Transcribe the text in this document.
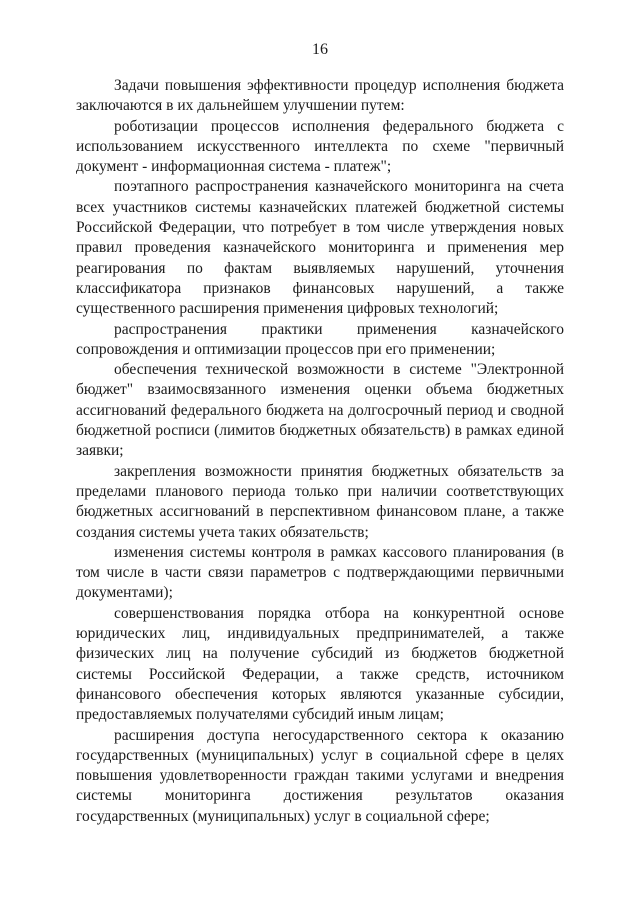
16

Задачи повышения эффективности процедур исполнения бюджета заключаются в их дальнейшем улучшении путем:

роботизации процессов исполнения федерального бюджета с использованием искусственного интеллекта по схеме "первичный документ - информационная система - платеж";

поэтапного распространения казначейского мониторинга на счета всех участников системы казначейских платежей бюджетной системы Российской Федерации, что потребует в том числе утверждения новых правил проведения казначейского мониторинга и применения мер реагирования по фактам выявляемых нарушений, уточнения классификатора признаков финансовых нарушений, а также существенного расширения применения цифровых технологий;

распространения практики применения казначейского сопровождения и оптимизации процессов при его применении;

обеспечения технической возможности в системе "Электронной бюджет" взаимосвязанного изменения оценки объема бюджетных ассигнований федерального бюджета на долгосрочный период и сводной бюджетной росписи (лимитов бюджетных обязательств) в рамках единой заявки;

закрепления возможности принятия бюджетных обязательств за пределами планового периода только при наличии соответствующих бюджетных ассигнований в перспективном финансовом плане, а также создания системы учета таких обязательств;

изменения системы контроля в рамках кассового планирования (в том числе в части связи параметров с подтверждающими первичными документами);

совершенствования порядка отбора на конкурентной основе юридических лиц, индивидуальных предпринимателей, а также физических лиц на получение субсидий из бюджетов бюджетной системы Российской Федерации, а также средств, источником финансового обеспечения которых являются указанные субсидии, предоставляемых получателями субсидий иным лицам;

расширения доступа негосударственного сектора к оказанию государственных (муниципальных) услуг в социальной сфере в целях повышения удовлетворенности граждан такими услугами и внедрения системы мониторинга достижения результатов оказания государственных (муниципальных) услуг в социальной сфере;
